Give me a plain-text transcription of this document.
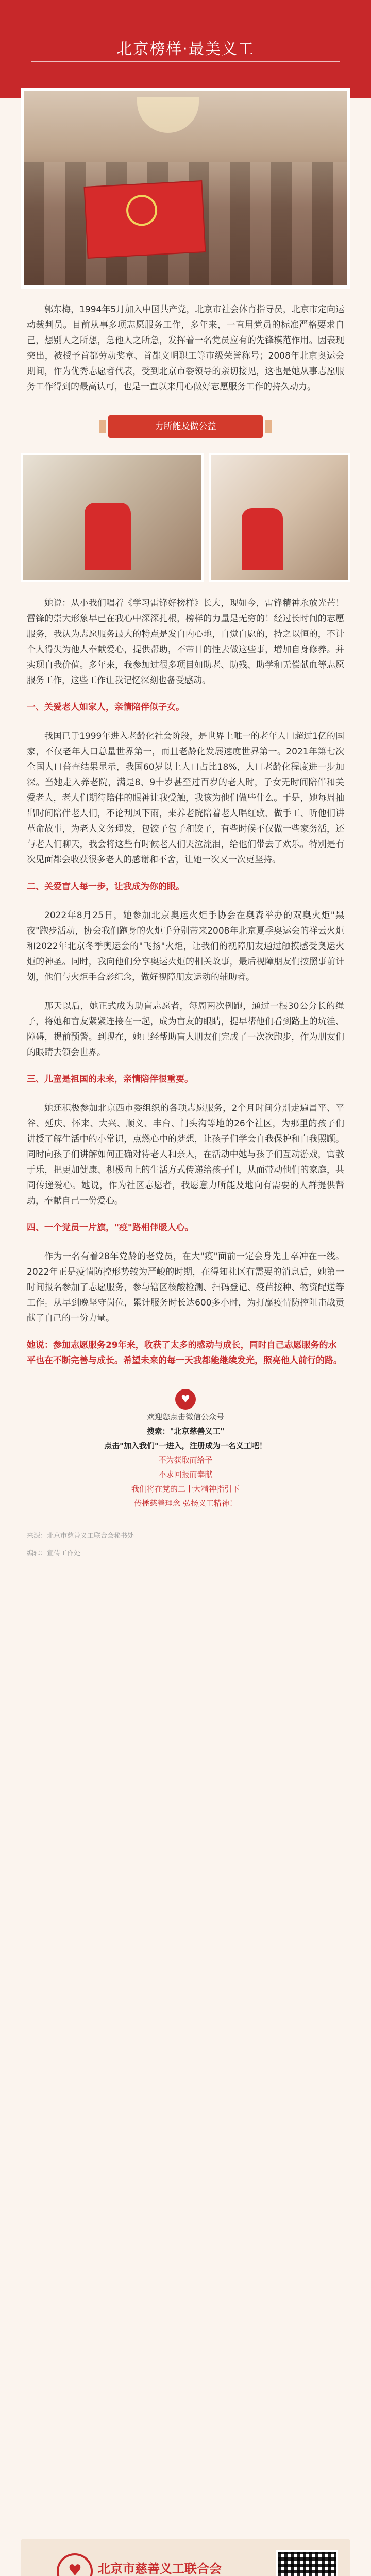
北京榜样·最美义工

郭东梅，1994年5月加入中国共产党，北京市社会体育指导员，北京市定向运动裁判员。目前从事多项志愿服务工作，多年来，一直用党员的标准严格要求自己，想别人之所想，急他人之所急，发挥着一名党员应有的先锋模范作用。因表现突出，被授予首都劳动奖章、首都文明职工等市级荣誉称号；2008年北京奥运会期间，作为优秀志愿者代表，受到北京市委领导的亲切接见，这也是她从事志愿服务工作得到的最高认可，也是一直以来用心做好志愿服务工作的持久动力。

力所能及做公益

她说：从小我们唱着《学习雷锋好榜样》长大，现如今，雷锋精神永放光芒！雷锋的崇大形象早已在我心中深深扎根，榜样的力量是无穷的！经过长时间的志愿服务，我认为志愿服务最大的特点是发自内心地，自觉自愿的，持之以恒的，不计个人得失为他人奉献爱心，提供帮助，不带目的性去做这些事，增加自身修养。并实现自我价值。多年来，我参加过很多项目如助老、助残、助学和无偿献血等志愿服务工作，这些工作让我记忆深刻也备受感动。

一、关爱老人如家人，亲情陪伴似子女。

我国已于1999年进入老龄化社会阶段，是世界上唯一的老年人口超过1亿的国家，不仅老年人口总量世界第一，而且老龄化发展速度世界第一。2021年第七次全国人口普查结果显示，我国60岁以上人口占比18%，人口老龄化程度进一步加深。当她走入养老院，满是8、9十岁甚至过百岁的老人时，子女无时间陪伴和关爱老人，老人们期待陪伴的眼神让我受触，我该为他们做些什么。于是，她每周抽出时间陪伴老人们，不论刮风下雨，来养老院陪着老人唱红歌、做手工、听他们讲革命故事，为老人义务理发，包饺子包子和饺子，有些时候不仅做一些家务活，还与老人们聊天，我会将这些有时候老人们哭泣流泪，给他们带去了欢乐。特别是有次见面都会收获很多老人的感谢和不舍，让她一次又一次更坚持。

二、关爱盲人每一步，让我成为你的眼。

2022年8月25日，她参加北京奥运火炬手协会在奥森举办的双奥火炬"黑夜"跑步活动，协会我们跑身的火炬手分别带来2008年北京夏季奥运会的祥云火炬和2022年北京冬季奥运会的"飞扬"火炬，让我们的视障朋友通过触摸感受奥运火炬的神圣。同时，我向他们分享奥运火炬的相关故事，最后视障朋友们按照事前计划，他们与火炬手合影纪念，做好视障朋友运动的辅助者。

那天以后，她正式成为助盲志愿者，每周两次例跑，通过一根30公分长的绳子，将她和盲友紧紧连接在一起，成为盲友的眼睛，提早帮他们看到路上的坑洼、障碍，提前预警。到现在，她已经帮助盲人朋友们完成了一次次跑步，作为朋友们的眼睛去领会世界。

三、儿童是祖国的未来，亲情陪伴很重要。

她还积极参加北京西市委组织的各项志愿服务，2个月时间分别走遍昌平、平谷、延庆、怀来、大兴、顺义、丰台、门头沟等地的26个社区，为那里的孩子们讲授了解生活中的小常识，点燃心中的梦想，让孩子们学会自我保护和自我照顾。同时向孩子们讲解如何正确对待老人和亲人，在活动中她与孩子们互动游戏，寓教于乐，把更加健康、积极向上的生活方式传递给孩子们，从而带动他们的家庭，共同传递爱心。她说，作为社区志愿者，我愿意力所能及地向有需要的人群提供帮助，奉献自己一份爱心。

四、一个党员一片旗，"疫"路相伴暖人心。

作为一名有着28年党龄的老党员，在大"疫"面前一定会身先士卒冲在一线。2022年正是疫情防控形势较为严峻的时期，在得知社区有需要的消息后，她第一时间报名参加了志愿服务，参与辖区核酸检测、扫码登记、疫苗接种、物资配送等工作。从早到晚坚守岗位，累计服务时长达600多小时，为打赢疫情防控阻击战贡献了自己的一份力量。

她说：参加志愿服务29年来，收获了太多的感动与成长，同时自己志愿服务的水平也在不断完善与成长。希望未来的每一天我都能继续发光，照亮他人前行的路。

♥
欢迎您点击微信公众号
搜索："北京慈善义工"
点击"加入我们"一进入，注册成为一名义工吧！
不为获取而给予
不求回报而奉献
我们将在党的二十大精神指引下
传播慈善理念 弘扬义工精神！
来源：北京市慈善义工联合会秘书处
编辑：宣传工作处
♥
北京市慈善义工联合会
